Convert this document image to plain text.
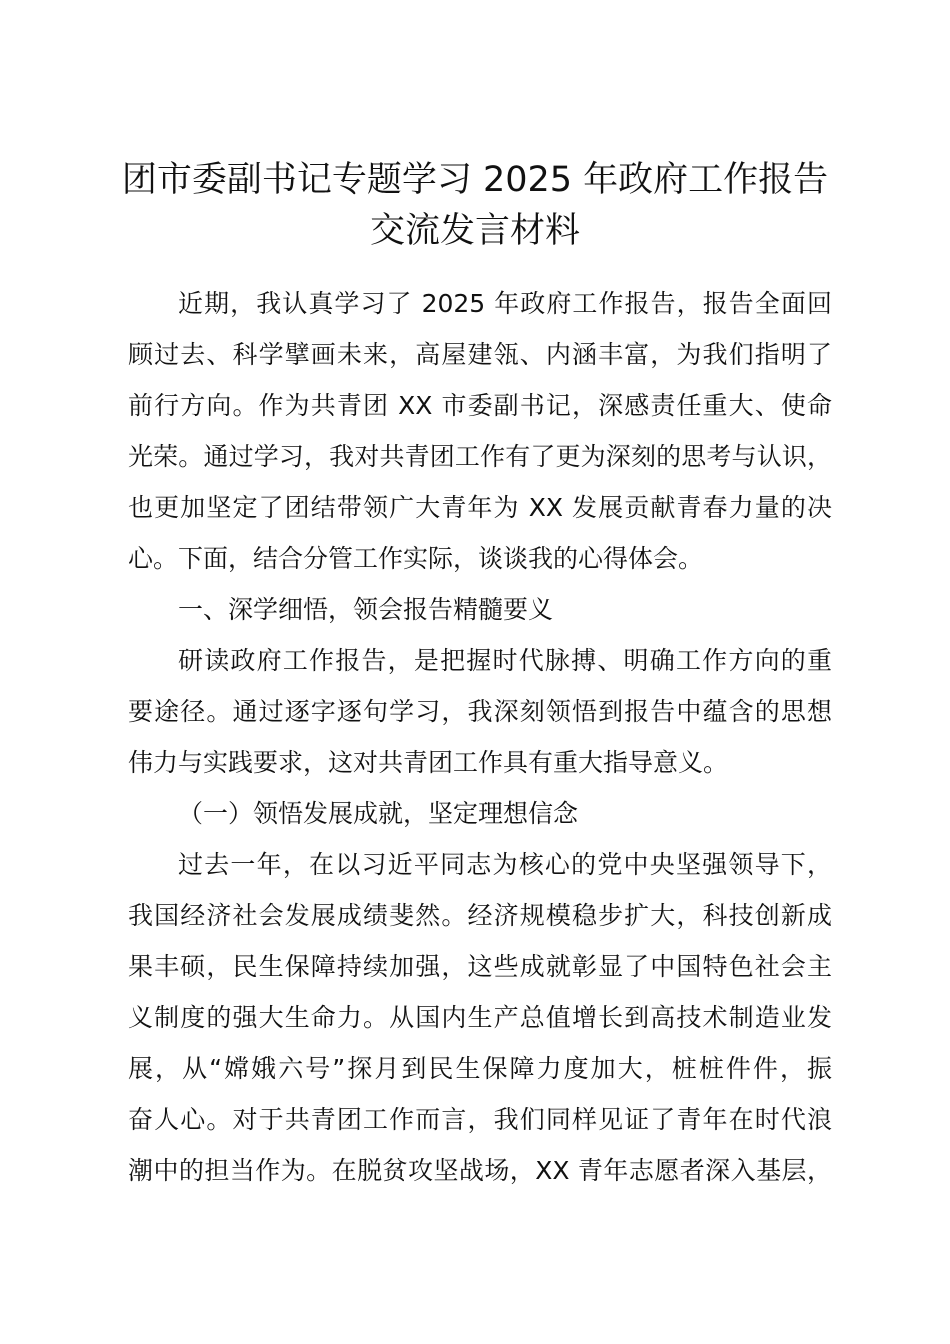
团市委副书记专题学习 2025 年政府工作报告
交流发言材料
近期，我认真学习了 2025 年政府工作报告，报告全面回
顾过去、科学擘画未来，高屋建瓴、内涵丰富，为我们指明了
前行方向。作为共青团 XX 市委副书记，深感责任重大、使命
光荣。通过学习，我对共青团工作有了更为深刻的思考与认识，
也更加坚定了团结带领广大青年为 XX 发展贡献青春力量的决
心。下面，结合分管工作实际，谈谈我的心得体会。
一、深学细悟，领会报告精髓要义
研读政府工作报告，是把握时代脉搏、明确工作方向的重
要途径。通过逐字逐句学习，我深刻领悟到报告中蕴含的思想
伟力与实践要求，这对共青团工作具有重大指导意义。
（一）领悟发展成就，坚定理想信念
过去一年，在以习近平同志为核心的党中央坚强领导下，
我国经济社会发展成绩斐然。经济规模稳步扩大，科技创新成
果丰硕，民生保障持续加强，这些成就彰显了中国特色社会主
义制度的强大生命力。从国内生产总值增长到高技术制造业发
展，从“嫦娥六号”探月到民生保障力度加大，桩桩件件，振
奋人心。对于共青团工作而言，我们同样见证了青年在时代浪
潮中的担当作为。在脱贫攻坚战场，XX 青年志愿者深入基层，
